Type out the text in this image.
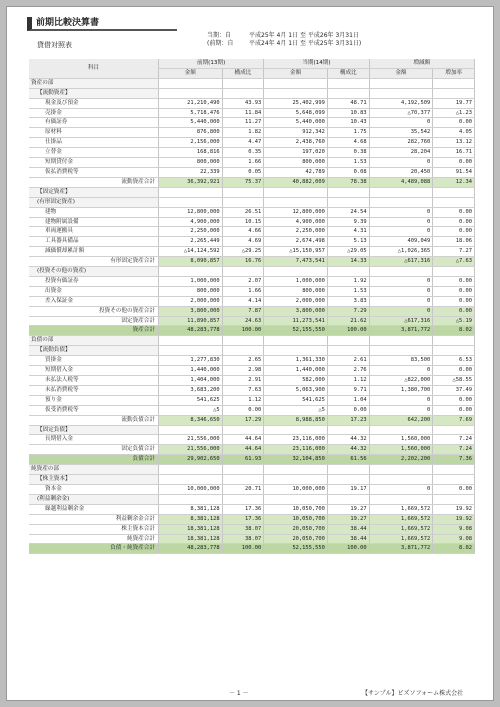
前期比較決算書
当期：自	平成25年 4月 1日 至 平成26年 3月31日
(前期：自	平成24年 4月 1日 至 平成25年 3月31日)
貸借対照表
科目	前期(13期)		当期(14期)		増減額	
	金額	構成比	金額	構成比	金額	増加率
資産の部						
【流動資産】						
現金及び預金	21,210,490	43.93	25,402,999	48.71	4,192,509	19.77
売掛金	5,718,476	11.84	5,648,099	10.83	△70,377	△1.23
有価証券	5,440,000	11.27	5,440,000	10.43	0	0.00
原材料	876,800	1.82	912,342	1.75	35,542	4.05
仕掛品	2,156,000	4.47	2,438,760	4.68	282,760	13.12
立替金	168,816	0.35	197,020	0.38	28,204	16.71
短期貸付金	800,000	1.66	800,000	1.53	0	0.00
仮払消費税等	22,339	0.05	42,789	0.08	20,450	91.54
流動資産合計	36,392,921	75.37	40,882,009	78.38	4,489,088	12.34
【固定資産】						
(有形固定資産)						
建物	12,800,000	26.51	12,800,000	24.54	0	0.00
建物附属設備	4,900,000	10.15	4,900,000	9.39	0	0.00
車両運搬具	2,250,000	4.66	2,250,000	4.31	0	0.00
工具器具備品	2,265,449	4.69	2,674,498	5.13	409,049	18.06
減価償却累計額	△14,124,592	△29.25	△15,150,957	△29.05	△1,026,365	7.27
有形固定資産合計	8,090,857	16.76	7,473,541	14.33	△617,316	△7.63
(投資その他の資産)						
投資有価証券	1,000,000	2.07	1,000,000	1.92	0	0.00
出資金	800,000	1.66	800,000	1.53	0	0.00
差入保証金	2,000,000	4.14	2,000,000	3.83	0	0.00
投資その他の資産合計	3,800,000	7.87	3,800,000	7.29	0	0.00
固定資産合計	11,890,857	24.63	11,273,541	21.62	△617,316	△5.19
資産合計	48,283,778	100.00	52,155,550	100.00	3,871,772	8.02
負債の部						
【流動負債】						
買掛金	1,277,830	2.65	1,361,330	2.61	83,500	6.53
短期借入金	1,440,000	2.98	1,440,000	2.76	0	0.00
未払法人税等	1,404,000	2.91	582,000	1.12	△822,000	△58.55
未払消費税等	3,683,200	7.63	5,063,900	9.71	1,380,700	37.49
預り金	541,625	1.12	541,625	1.04	0	0.00
仮受消費税等	△5	0.00	△5	0.00	0	0.00
流動負債合計	8,346,650	17.29	8,988,850	17.23	642,200	7.69
【固定負債】						
長期借入金	21,556,000	44.64	23,116,000	44.32	1,560,000	7.24
固定負債合計	21,556,000	44.64	23,116,000	44.32	1,560,000	7.24
負債合計	29,902,650	61.93	32,104,850	61.56	2,202,200	7.36
純資産の部						
【株主資本】						
資本金	10,000,000	20.71	10,000,000	19.17	0	0.00
(利益剰余金)						
繰越利益剰余金	8,381,128	17.36	10,050,700	19.27	1,669,572	19.92
利益剰余金合計	8,381,128	17.36	10,050,700	19.27	1,669,572	19.92
株主資本合計	18,381,128	38.07	20,050,700	38.44	1,669,572	9.08
純資産合計	18,381,128	38.07	20,050,700	38.44	1,669,572	9.08
負債・純資産合計	48,283,778	100.00	52,155,550	100.00	3,871,772	8.02
－ 1 －	【サンプル】ビズソフォーム株式会社
